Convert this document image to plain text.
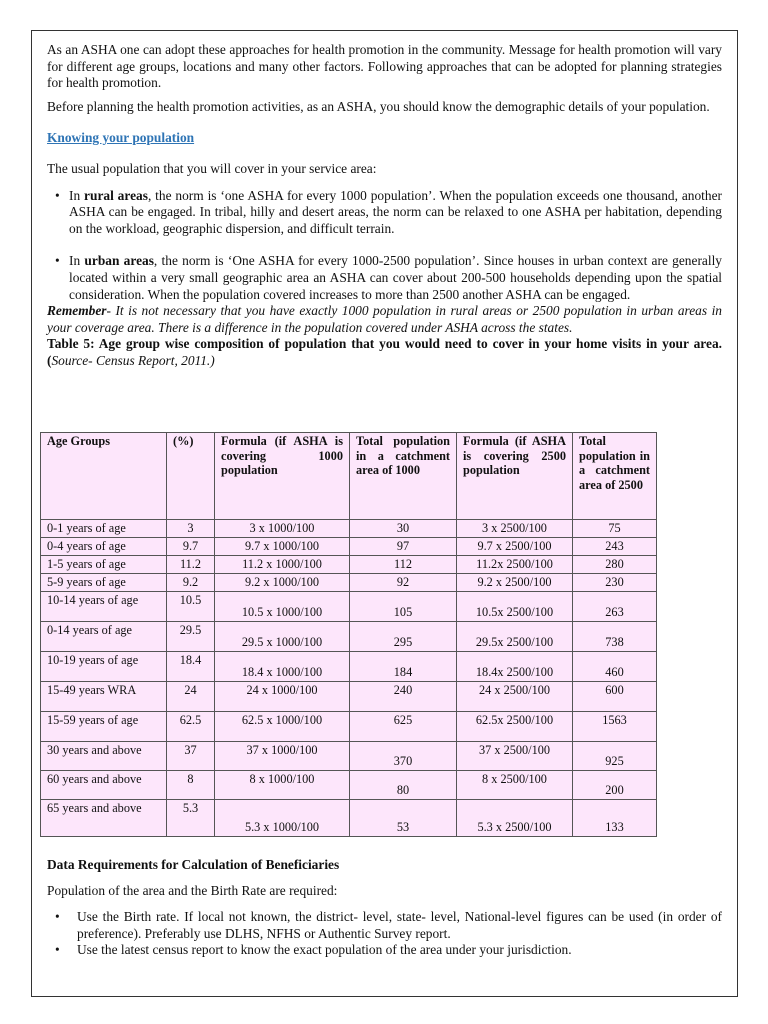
As an ASHA one can adopt these approaches for health promotion in the community. Message for health promotion will vary for different age groups, locations and many other factors. Following approaches that can be adopted for planning strategies for health promotion.

Before planning the health promotion activities, as an ASHA, you should know the demographic details of your population.

Knowing your population

The usual population that you will cover in your service area:

• In rural areas, the norm is ‘one ASHA for every 1000 population’. When the population exceeds one thousand, another ASHA can be engaged. In tribal, hilly and desert areas, the norm can be relaxed to one ASHA per habitation, depending on the workload, geographic dispersion, and difficult terrain.
• In urban areas, the norm is ‘One ASHA for every 1000-2500 population’. Since houses in urban context are generally located within a very small geographic area an ASHA can cover about 200-500 households depending upon the spatial consideration. When the population covered increases to more than 2500 another ASHA can be engaged.

Remember- It is not necessary that you have exactly 1000 population in rural areas or 2500 population in urban areas in your coverage area. There is a difference in the population covered under ASHA across the states.

Table 5: Age group wise composition of population that you would need to cover in your home visits in your area. (Source- Census Report, 2011.)

Age Groups	(%)	Formula (if ASHA is covering 1000 population	Total population in a catchment area of 1000	Formula (if ASHA is covering 2500 population	Total population in a catchment area of 2500
0-1 years of age	3	3 x 1000/100	30	3 x 2500/100	75
0-4 years of age	9.7	9.7 x 1000/100	97	9.7 x 2500/100	243
1-5 years of age	11.2	11.2 x 1000/100	112	11.2x 2500/100	280
5-9 years of age	9.2	9.2 x 1000/100	92	9.2 x 2500/100	230
10-14 years of age	10.5	10.5 x 1000/100	105	10.5x 2500/100	263
0-14 years of age	29.5	29.5 x 1000/100	295	29.5x 2500/100	738
10-19 years of age	18.4	18.4 x 1000/100	184	18.4x 2500/100	460
15-49 years WRA	24	24 x 1000/100	240	24 x 2500/100	600
15-59 years of age	62.5	62.5 x 1000/100	625	62.5x 2500/100	1563
30 years and above	37	37 x 1000/100	370	37 x 2500/100	925
60 years and above	8	8 x 1000/100	80	8 x 2500/100	200
65 years and above	5.3	5.3 x 1000/100	53	5.3 x 2500/100	133

Data Requirements for Calculation of Beneficiaries

Population of the area and the Birth Rate are required:

• Use the Birth rate. If local not known, the district- level, state- level, National-level figures can be used (in order of preference). Preferably use DLHS, NFHS or Authentic Survey report.
• Use the latest census report to know the exact population of the area under your jurisdiction.
